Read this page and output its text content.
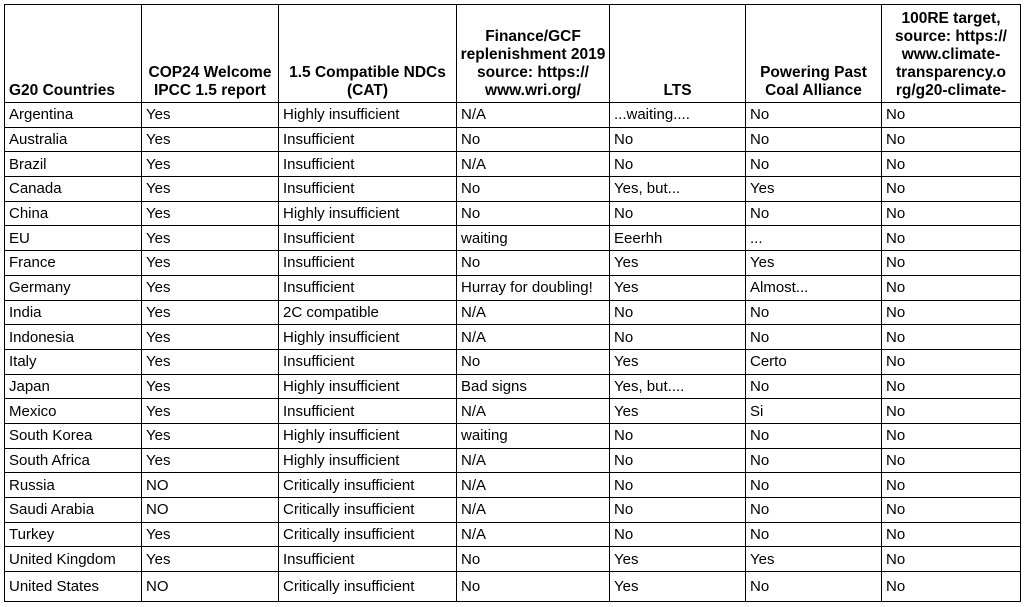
G20 Countries	COP24 Welcome IPCC 1.5 report	1.5 Compatible NDCs (CAT)	Finance/GCF replenishment 2019 source: https:// www.wri.org/	LTS	Powering Past Coal Alliance	100RE target, source: https:// www.climate-transparency.o rg/g20-climate-
Argentina	Yes	Highly insufficient	N/A	...waiting....	No	No
Australia	Yes	Insufficient	No	No	No	No
Brazil	Yes	Insufficient	N/A	No	No	No
Canada	Yes	Insufficient	No	Yes, but...	Yes	No
China	Yes	Highly insufficient	No	No	No	No
EU	Yes	Insufficient	waiting	Eeerhh	...	No
France	Yes	Insufficient	No	Yes	Yes	No
Germany	Yes	Insufficient	Hurray for doubling!	Yes	Almost...	No
India	Yes	2C compatible	N/A	No	No	No
Indonesia	Yes	Highly insufficient	N/A	No	No	No
Italy	Yes	Insufficient	No	Yes	Certo	No
Japan	Yes	Highly insufficient	Bad signs	Yes, but....	No	No
Mexico	Yes	Insufficient	N/A	Yes	Si	No
South Korea	Yes	Highly insufficient	waiting	No	No	No
South Africa	Yes	Highly insufficient	N/A	No	No	No
Russia	NO	Critically insufficient	N/A	No	No	No
Saudi Arabia	NO	Critically insufficient	N/A	No	No	No
Turkey	Yes	Critically insufficient	N/A	No	No	No
United Kingdom	Yes	Insufficient	No	Yes	Yes	No
United States	NO	Critically insufficient	No	Yes	No	No
